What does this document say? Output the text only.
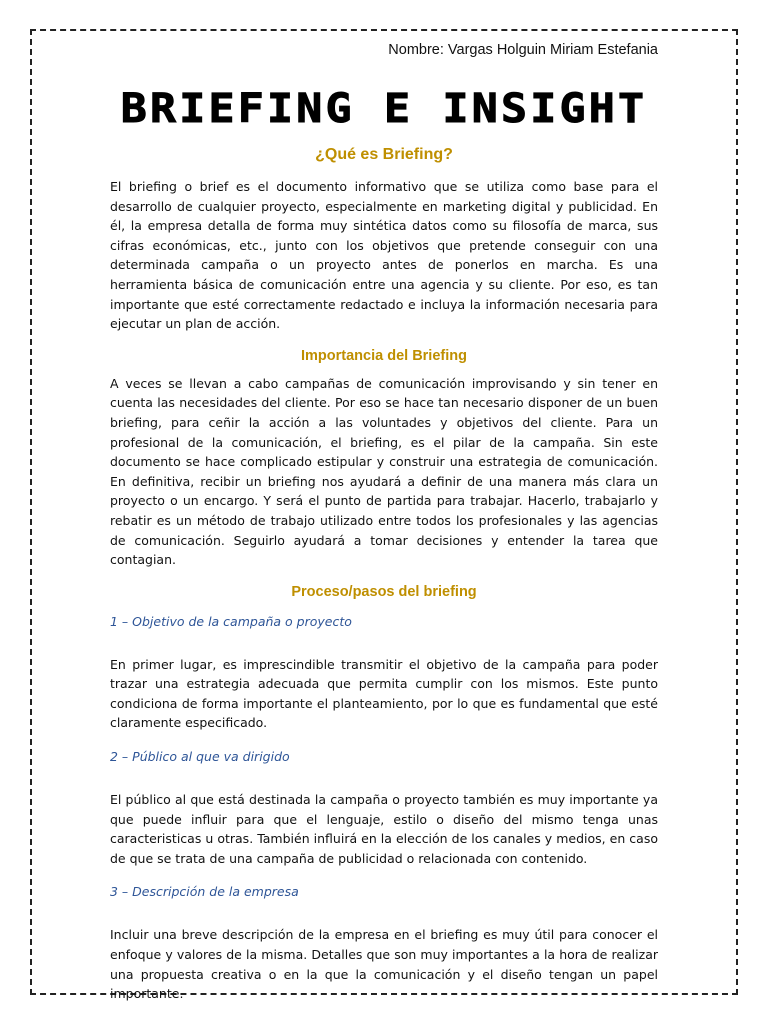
Nombre: Vargas Holguin Miriam Estefania
BRIEFING E INSIGHT
¿Qué es Briefing?

El briefing o brief es el documento informativo que se utiliza como base para el desarrollo de cualquier proyecto, especialmente en marketing digital y publicidad. En él, la empresa detalla de forma muy sintética datos como su filosofía de marca, sus cifras económicas, etc., junto con los objetivos que pretende conseguir con una determinada campaña o un proyecto antes de ponerlos en marcha. Es una herramienta básica de comunicación entre una agencia y su cliente. Por eso, es tan importante que esté correctamente redactado e incluya la información necesaria para ejecutar un plan de acción.

Importancia del Briefing

A veces se llevan a cabo campañas de comunicación improvisando y sin tener en cuenta las necesidades del cliente. Por eso se hace tan necesario disponer de un buen briefing, para ceñir la acción a las voluntades y objetivos del cliente. Para un profesional de la comunicación, el briefing, es el pilar de la campaña. Sin este documento se hace complicado estipular y construir una estrategia de comunicación. En definitiva, recibir un briefing nos ayudará a definir de una manera más clara un proyecto o un encargo. Y será el punto de partida para trabajar. Hacerlo, trabajarlo y rebatir es un método de trabajo utilizado entre todos los profesionales y las agencias de comunicación. Seguirlo ayudará a tomar decisiones y entender la tarea que contagian.

Proceso/pasos del briefing
1 – Objetivo de la campaña o proyecto

En primer lugar, es imprescindible transmitir el objetivo de la campaña para poder trazar una estrategia adecuada que permita cumplir con los mismos. Este punto condiciona de forma importante el planteamiento, por lo que es fundamental que esté claramente especificado.

2 – Público al que va dirigido

El público al que está destinada la campaña o proyecto también es muy importante ya que puede influir para que el lenguaje, estilo o diseño del mismo tenga unas caracteristicas u otras. También influirá en la elección de los canales y medios, en caso de que se trata de una campaña de publicidad o relacionada con contenido.

3 – Descripción de la empresa

Incluir una breve descripción de la empresa en el briefing es muy útil para conocer el enfoque y valores de la misma. Detalles que son muy importantes a la hora de realizar una propuesta creativa o en la que la comunicación y el diseño tengan un papel importante.
